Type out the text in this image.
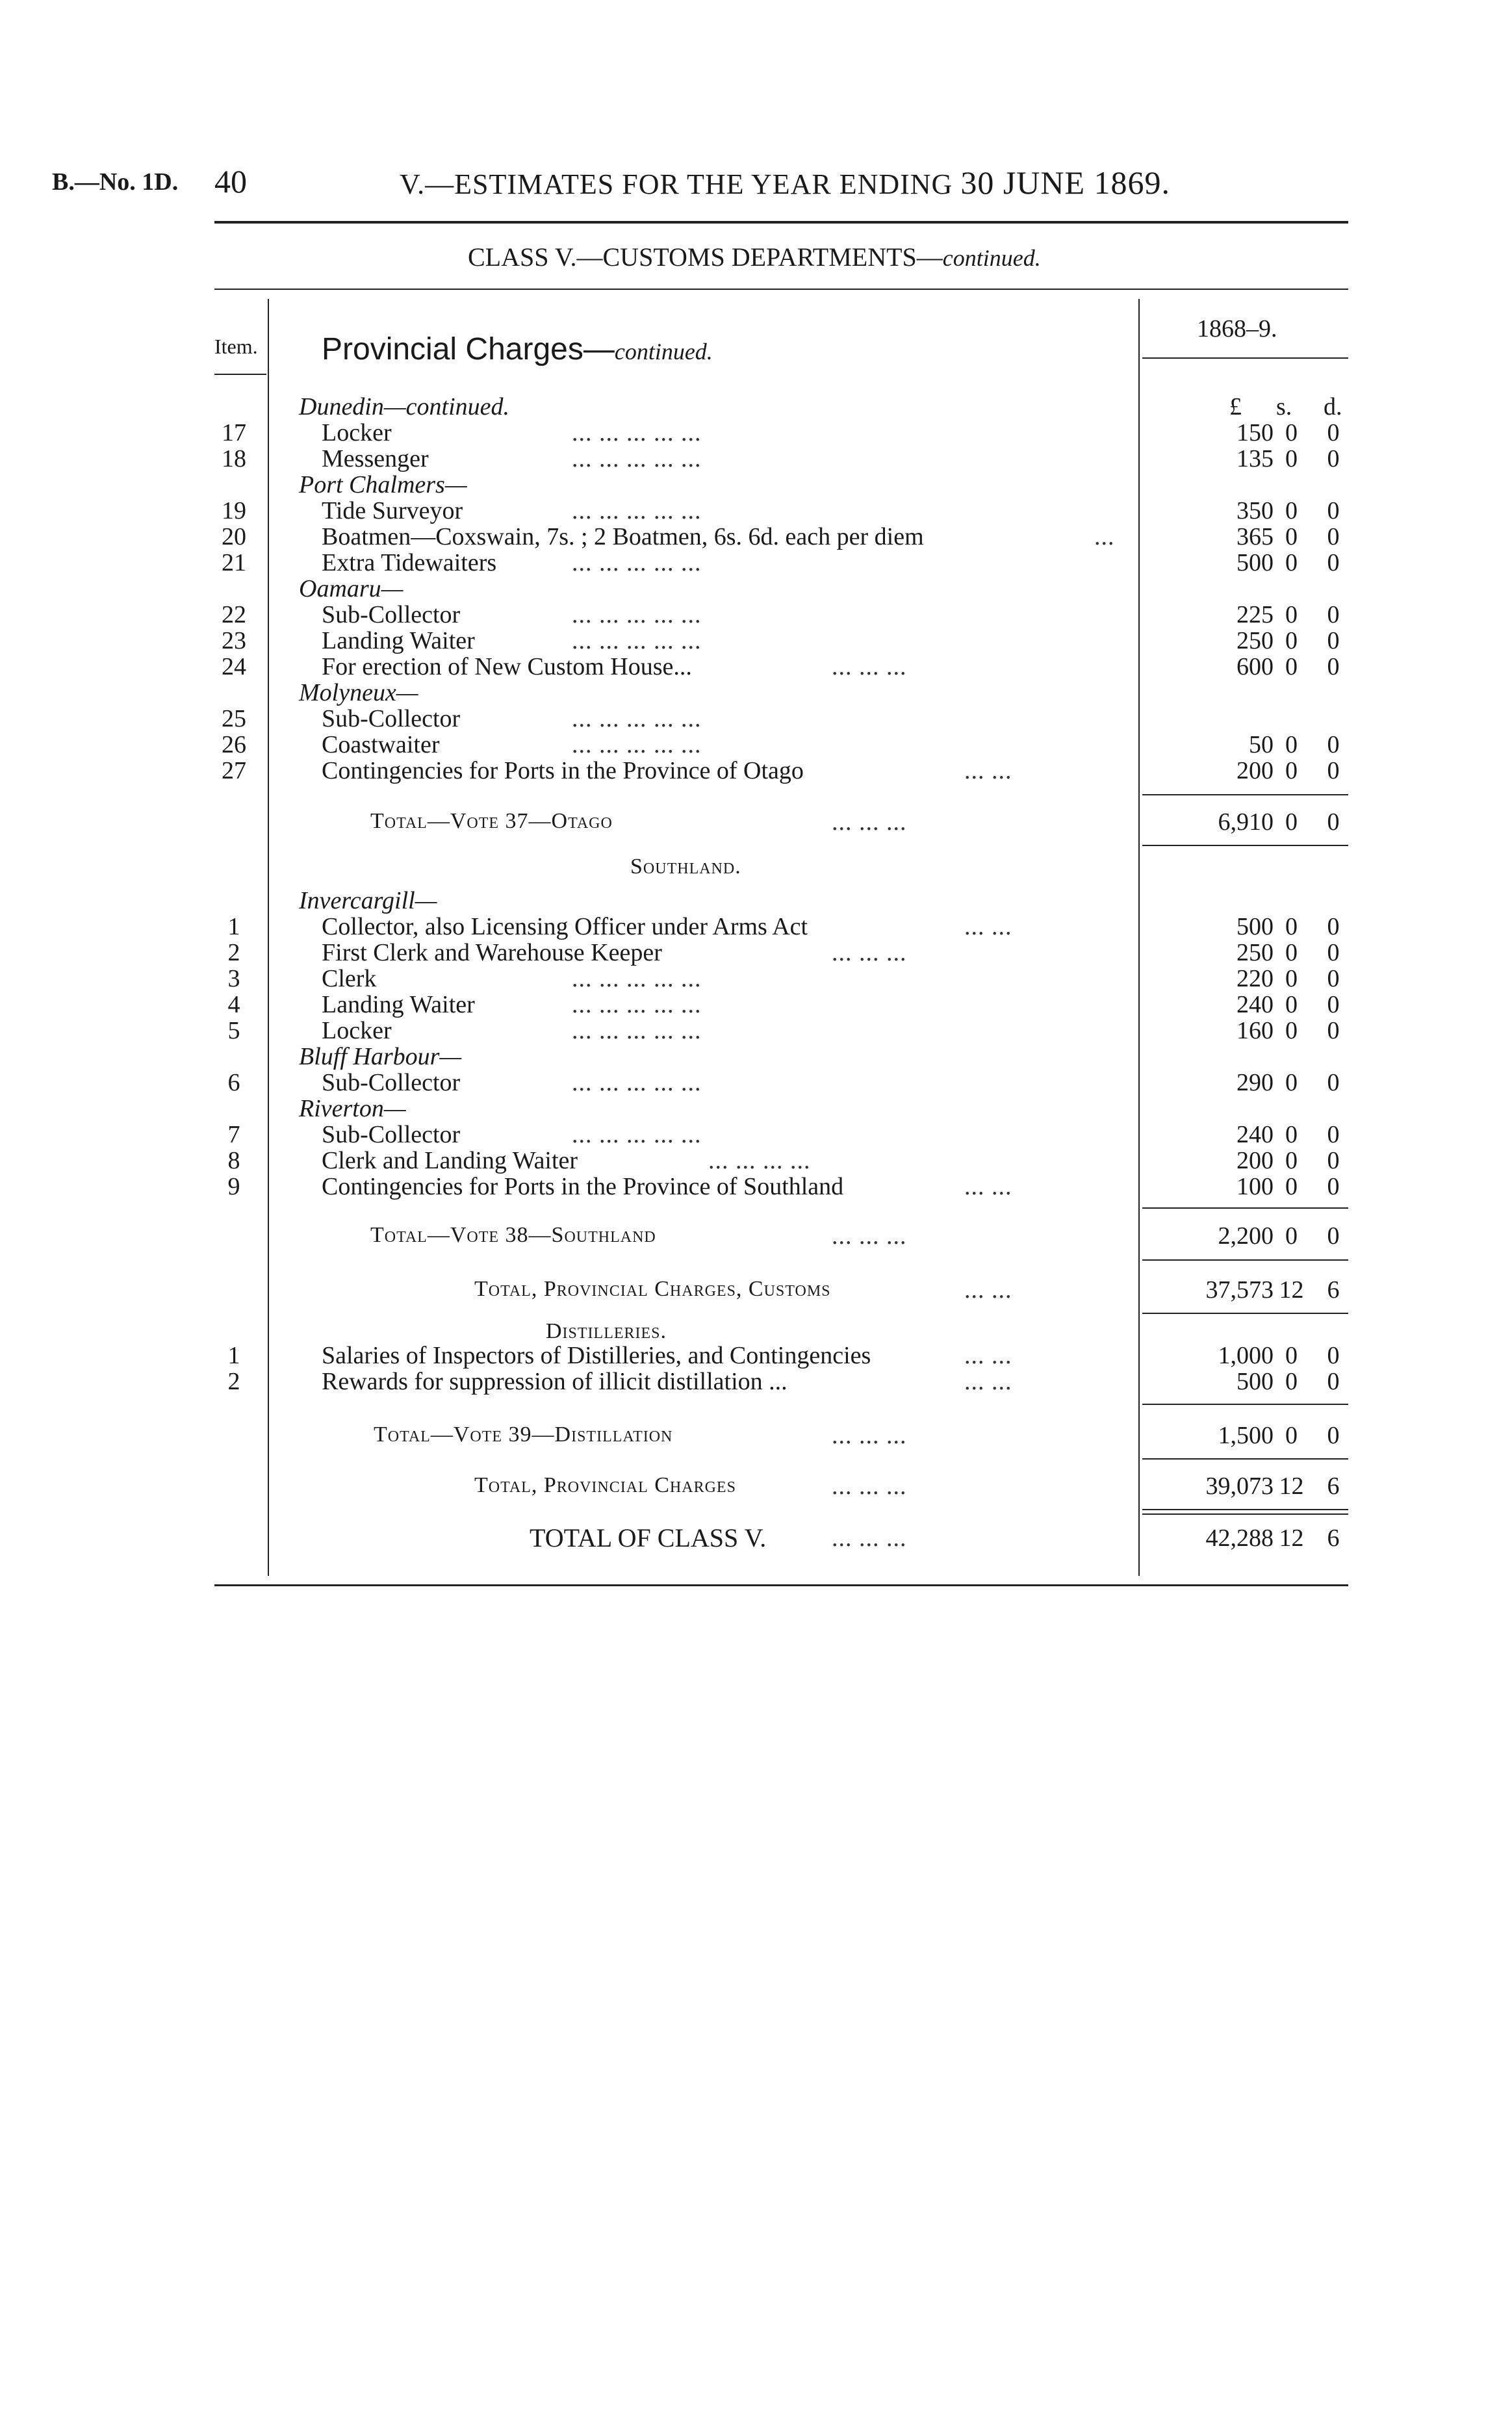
B.—No. 1D. 40	V.—ESTIMATES FOR THE YEAR ENDING 30 JUNE 1869.
CLASS V.—CUSTOMS DEPARTMENTS—continued.
Item. Provincial Charges—continued.
1868–9.
£ s. d.
Dunedin—continued.
17	Locker	... ... ... ... ...	150 0	0
18	Messenger	... ... ... ... ...	135 0	0
Port Chalmers—
19	Tide Surveyor	... ... ... ... ...	350 0	0
20	Boatmen—Coxswain, 7s. ; 2 Boatmen, 6s. 6d. each per diem	...	365 0	0
21	Extra Tidewaiters	... ... ... ... ...	500 0	0
Oamaru—
22	Sub-Collector	... ... ... ... ...	225 0	0
23	Landing Waiter	... ... ... ... ...	250 0	0
24	For erection of New Custom House...	... ... ...	600 0	0
Molyneux—
25	Sub-Collector	... ... ... ... ...
26	Coastwaiter	... ... ... ... ...	50 0	0
27	Contingencies for Ports in the Province of Otago	... ...	200 0	0
Total—Vote 37—Otago	... ... ...	6,910 0	0
Southland.
Invercargill—
1	Collector, also Licensing Officer under Arms Act	... ...	500 0	0
2	First Clerk and Warehouse Keeper	... ... ...	250 0	0
3	Clerk	... ... ... ... ...	220 0	0
4	Landing Waiter	... ... ... ... ...	240 0	0
5	Locker	... ... ... ... ...	160 0	0
Bluff Harbour—
6	Sub-Collector	... ... ... ... ...	290 0	0
Riverton—
7	Sub-Collector	... ... ... ... ...	240 0	0
8	Clerk and Landing Waiter	... ... ... ...	200 0	0
9	Contingencies for Ports in the Province of Southland	... ...	100 0	0
Total—Vote 38—Southland	... ... ...	2,200 0	0
Total, Provincial Charges, Customs	... ...	37,573 12 6
Distilleries.
1	Salaries of Inspectors of Distilleries, and Contingencies	... ...	1,000 0	0
2	Rewards for suppression of illicit distillation ...	... ...	500 0	0
Total—Vote 39—Distillation	... ... ...	1,500 0	0
Total, Provincial Charges	... ... ...	39,073 12 6
TOTAL OF CLASS V.	... ... ...	42,288 12 6
